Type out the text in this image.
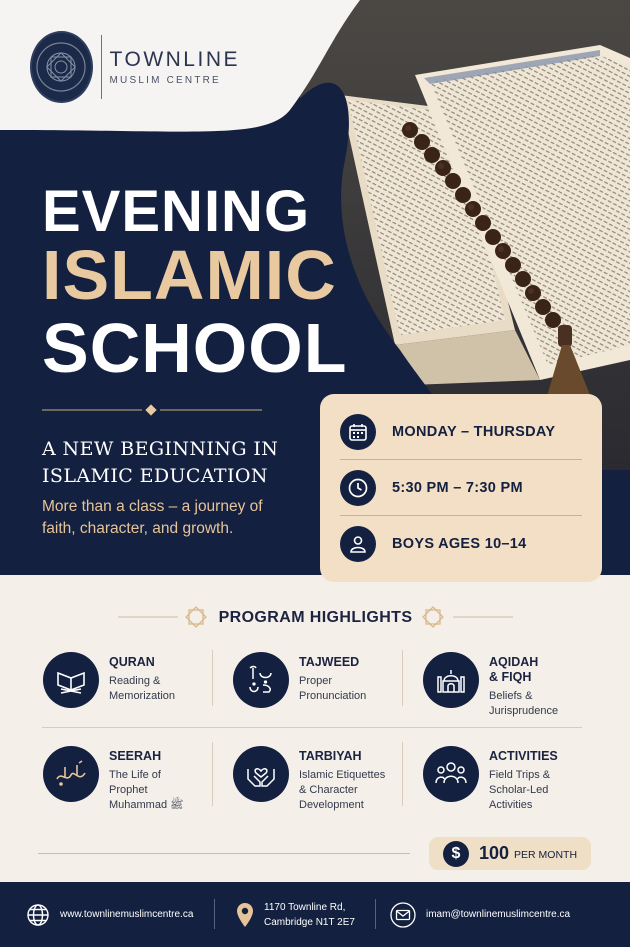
TOWNLINE
MUSLIM CENTRE
EVENING
ISLAMIC
SCHOOL
A NEW BEGINNING IN
ISLAMIC EDUCATION
More than a class – a journey of
faith, character, and growth.
MONDAY – THURSDAY
5:30 PM – 7:30 PM
BOYS AGES 10–14
PROGRAM HIGHLIGHTS
QURAN
Reading &
Memorization
TAJWEED
Proper
Pronunciation
AQIDAH
& FIQH
Beliefs &
Jurisprudence
SEERAH
The Life of
Prophet
Muhammad ﷺ
TARBIYAH
Islamic Etiquettes
& Character
Development
ACTIVITIES
Field Trips &
Scholar-Led
Activities
$	100 PER MONTH
www.townlinemuslimcentre.ca
1170 Townline Rd,
Cambridge N1T 2E7
imam@townlinemuslimcentre.ca
